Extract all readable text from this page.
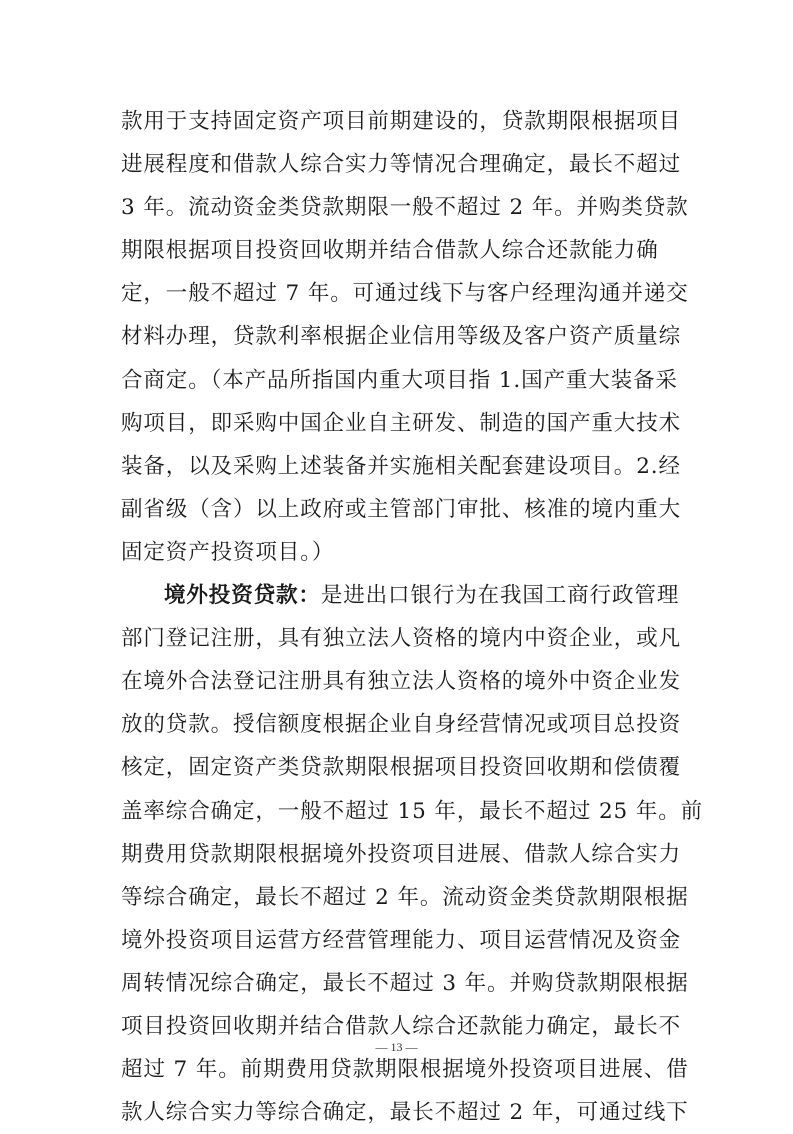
款用于支持固定资产项目前期建设的，贷款期限根据项目
进展程度和借款人综合实力等情况合理确定，最长不超过
3 年。流动资金类贷款期限一般不超过 2 年。并购类贷款
期限根据项目投资回收期并结合借款人综合还款能力确
定，一般不超过 7 年。可通过线下与客户经理沟通并递交
材料办理，贷款利率根据企业信用等级及客户资产质量综
合商定。（本产品所指国内重大项目指 1.国产重大装备采
购项目，即采购中国企业自主研发、制造的国产重大技术
装备，以及采购上述装备并实施相关配套建设项目。2.经
副省级（含）以上政府或主管部门审批、核准的境内重大
固定资产投资项目。）
境外投资贷款：是进出口银行为在我国工商行政管理
部门登记注册，具有独立法人资格的境内中资企业，或凡
在境外合法登记注册具有独立法人资格的境外中资企业发
放的贷款。授信额度根据企业自身经营情况或项目总投资
核定，固定资产类贷款期限根据项目投资回收期和偿债覆
盖率综合确定，一般不超过 15 年，最长不超过 25 年。前
期费用贷款期限根据境外投资项目进展、借款人综合实力
等综合确定，最长不超过 2 年。流动资金类贷款期限根据
境外投资项目运营方经营管理能力、项目运营情况及资金
周转情况综合确定，最长不超过 3 年。并购贷款期限根据
项目投资回收期并结合借款人综合还款能力确定，最长不
超过 7 年。前期费用贷款期限根据境外投资项目进展、借
款人综合实力等综合确定，最长不超过 2 年，可通过线下
— 13 —
